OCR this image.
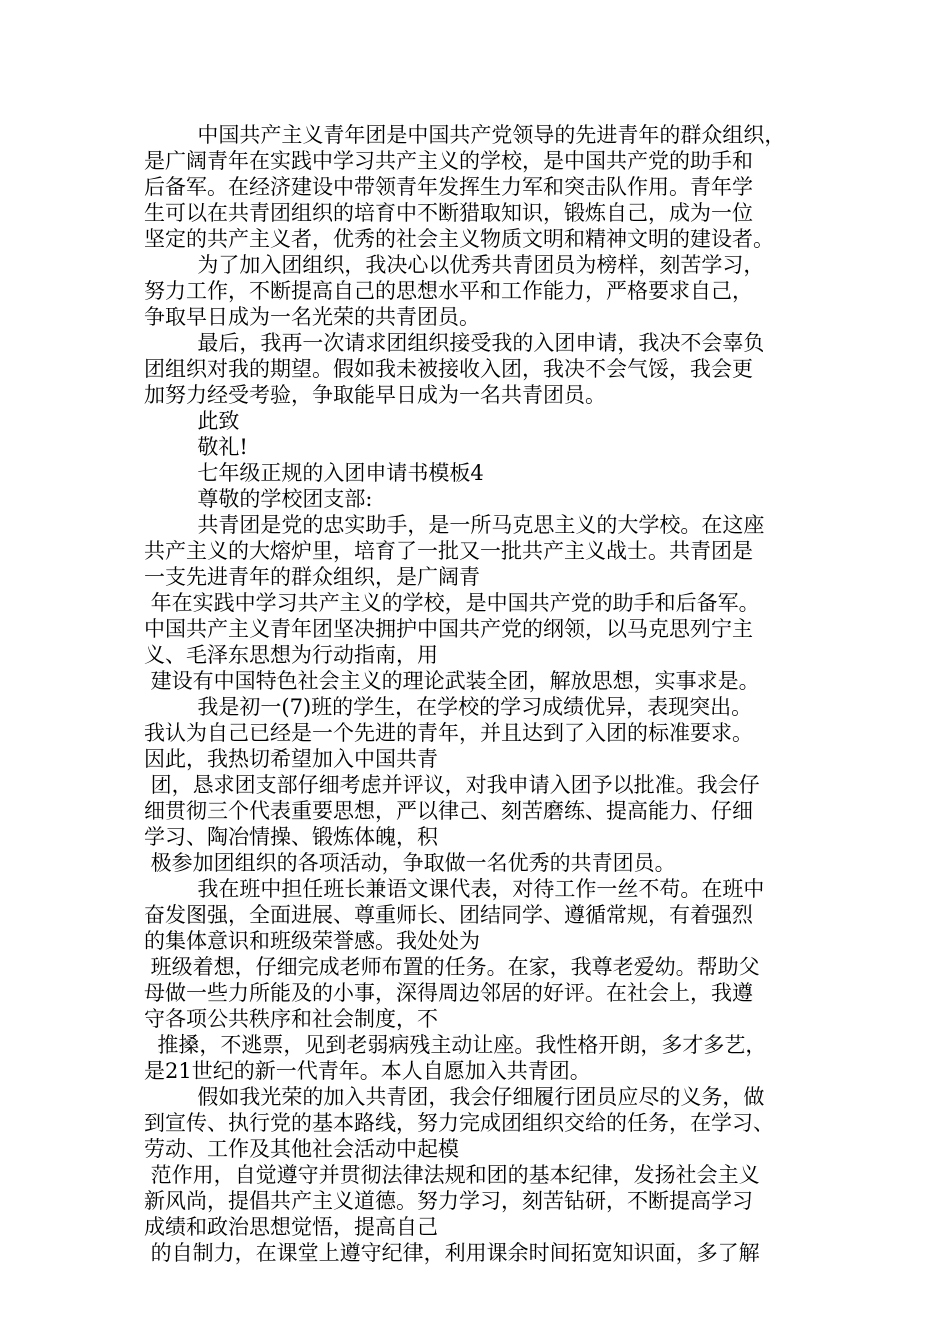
中国共产主义青年团是中国共产党领导的先进青年的群众组织，
是广阔青年在实践中学习共产主义的学校，是中国共产党的助手和
后备军。在经济建设中带领青年发挥生力军和突击队作用。青年学
生可以在共青团组织的培育中不断猎取知识，锻炼自己，成为一位
坚定的共产主义者，优秀的社会主义物质文明和精神文明的建设者。
为了加入团组织，我决心以优秀共青团员为榜样，刻苦学习，
努力工作，不断提高自己的思想水平和工作能力，严格要求自己，
争取早日成为一名光荣的共青团员。
最后，我再一次请求团组织接受我的入团申请，我决不会辜负
团组织对我的期望。假如我未被接收入团，我决不会气馁，我会更
加努力经受考验，争取能早日成为一名共青团员。
此致
敬礼!
七年级正规的入团申请书模板4
尊敬的学校团支部:
共青团是党的忠实助手，是一所马克思主义的大学校。在这座
共产主义的大熔炉里，培育了一批又一批共产主义战士。共青团是
一支先进青年的群众组织，是广阔青
年在实践中学习共产主义的学校，是中国共产党的助手和后备军。
中国共产主义青年团坚决拥护中国共产党的纲领，以马克思列宁主
义、毛泽东思想为行动指南，用
建设有中国特色社会主义的理论武装全团，解放思想，实事求是。
我是初一(7)班的学生，在学校的学习成绩优异，表现突出。
我认为自己已经是一个先进的青年，并且达到了入团的标准要求。
因此，我热切希望加入中国共青
团，恳求团支部仔细考虑并评议，对我申请入团予以批准。我会仔
细贯彻三个代表重要思想，严以律己、刻苦磨练、提高能力、仔细
学习、陶冶情操、锻炼体魄，积
极参加团组织的各项活动，争取做一名优秀的共青团员。
我在班中担任班长兼语文课代表，对待工作一丝不苟。在班中
奋发图强，全面进展、尊重师长、团结同学、遵循常规，有着强烈
的集体意识和班级荣誉感。我处处为
班级着想，仔细完成老师布置的任务。在家，我尊老爱幼。帮助父
母做一些力所能及的小事，深得周边邻居的好评。在社会上，我遵
守各项公共秩序和社会制度，不
推搡，不逃票，见到老弱病残主动让座。我性格开朗，多才多艺，
是21世纪的新一代青年。本人自愿加入共青团。
假如我光荣的加入共青团，我会仔细履行团员应尽的义务，做
到宣传、执行党的基本路线，努力完成团组织交给的任务，在学习、
劳动、工作及其他社会活动中起模
范作用，自觉遵守并贯彻法律法规和团的基本纪律，发扬社会主义
新风尚，提倡共产主义道德。努力学习，刻苦钻研，不断提高学习
成绩和政治思想觉悟，提高自己
的自制力，在课堂上遵守纪律，利用课余时间拓宽知识面，多了解
